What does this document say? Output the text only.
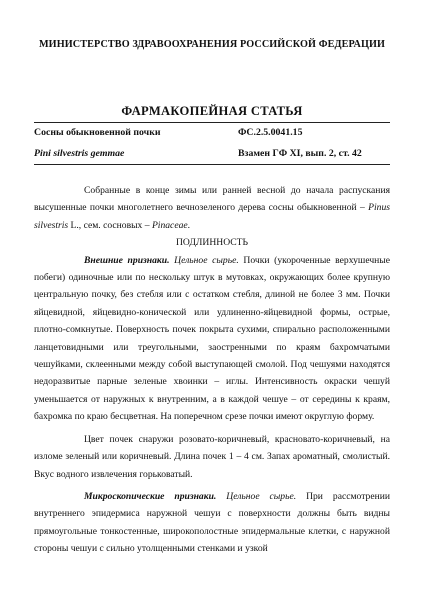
МИНИСТЕРСТВО ЗДРАВООХРАНЕНИЯ РОССИЙСКОЙ ФЕДЕРАЦИИ
ФАРМАКОПЕЙНАЯ СТАТЬЯ
Сосны обыкновенной почки	ФС.2.5.0041.15
Pini silvestris gemmae	Взамен ГФ XI, вып. 2, ст. 42

Собранные в конце зимы или ранней весной до начала распускания высушенные почки многолетнего вечнозеленого дерева сосны обыкновенной – Pinus silvestris L., сем. сосновых – Pinaceae.

ПОДЛИННОСТЬ

Внешние признаки. Цельное сырье. Почки (укороченные верхушечные побеги) одиночные или по нескольку штук в мутовках, окружающих более крупную центральную почку, без стебля или с остатком стебля, длиной не более 3 мм. Почки яйцевидной, яйцевидно-конической или удлиненно-яйцевидной формы, острые, плотно-сомкнутые. Поверхность почек покрыта сухими, спирально расположенными ланцетовидными или треугольными, заостренными по краям бахромчатыми чешуйками, склеенными между собой выступающей смолой. Под чешуями находятся недоразвитые парные зеленые хвоинки – иглы. Интенсивность окраски чешуй уменьшается от наружных к внутренним, а в каждой чешуе – от середины к краям, бахромка по краю бесцветная. На поперечном срезе почки имеют округлую форму.

Цвет почек снаружи розовато-коричневый, красновато-коричневый, на изломе зеленый или коричневый. Длина почек 1 – 4 см. Запах ароматный, смолистый. Вкус водного извлечения горьковатый.

Микроскопические признаки. Цельное сырье. При рассмотрении внутреннего эпидермиса наружной чешуи с поверхности должны быть видны прямоугольные тонкостенные, широкополостные эпидермальные клетки, с наружной стороны чешуи с сильно утолщенными стенками и узкой
